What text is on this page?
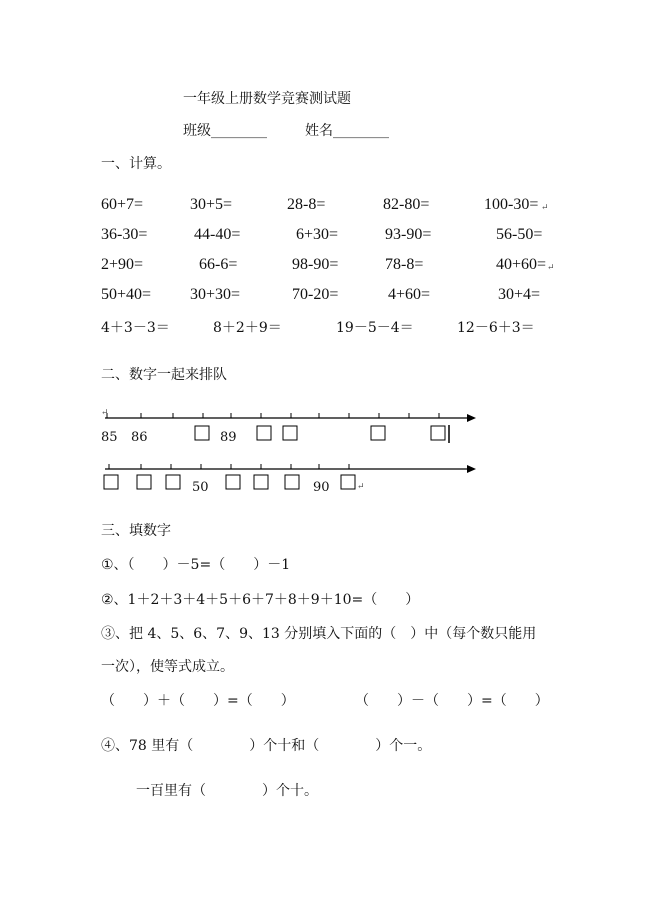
一年级上册数学竞赛测试题
班级________	姓名________
一、计算。
60+7=	30+5=	28-8=	82-80=	100-30=
36-30=	44-40=	6+30=	93-90=	56-50=
2+90=	66-6=	98-90=	78-8=	40+60=
50+40= 30+30=	70-20=	4+60=	30+4=
↵
↵
4＋3－3＝	8＋2＋9＝	19－5－4＝	12－6＋3＝
二、数字一起来排队
↵
↵
85 86	89
50	90
三、填数字
①、（　　）－5=（　　）－1
②、1＋2＋3＋4＋5＋6＋7＋8＋9＋10=（　　）
③、把 4、5、6、7、9、13 分别填入下面的（　）中（每个数只能用
一次），使等式成立。
（　　）＋（　　）=（　　）	（　　）－（　　）=（　　）
④、78 里有（　　　　）个十和（　　　　）个一。
一百里有（　　　　）个十。
